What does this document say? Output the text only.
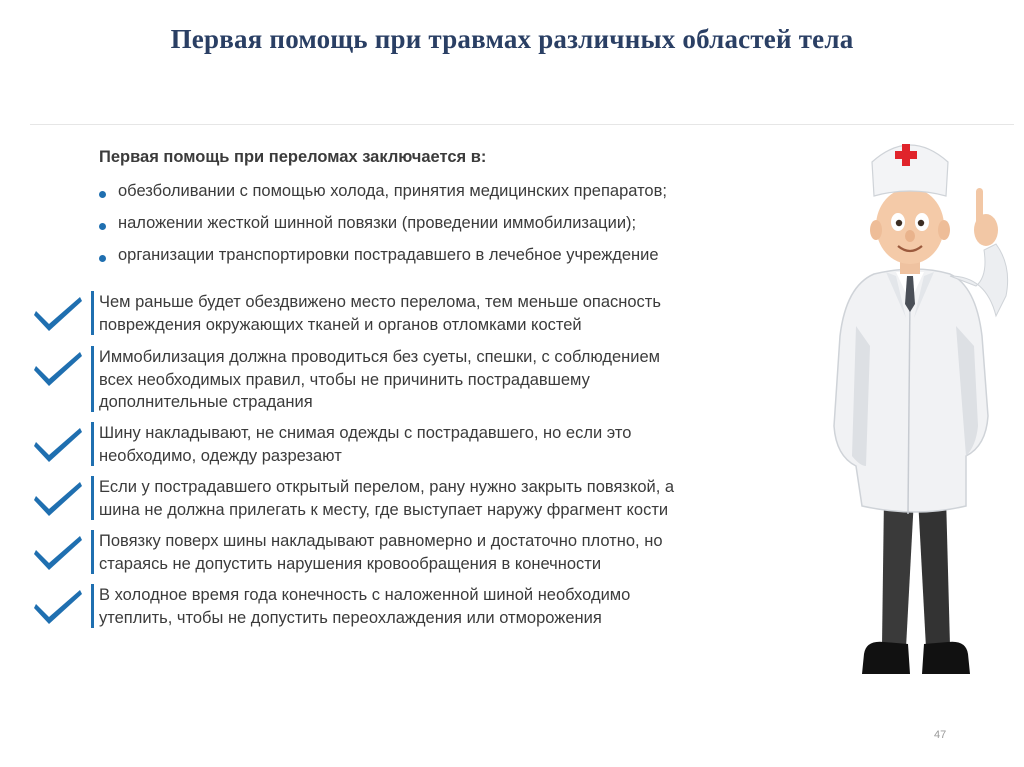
Первая помощь при травмах различных областей тела
Первая помощь при переломах заключается в:
обезболивании с помощью холода, принятия медицинских препаратов;
наложении жесткой шинной повязки (проведении иммобилизации);
организации транспортировки пострадавшего в лечебное учреждение
Чем раньше будет обездвижено место перелома, тем меньше опасность
повреждения окружающих тканей и органов отломками костей
Иммобилизация должна проводиться без суеты, спешки, с соблюдением
всех необходимых правил, чтобы не причинить пострадавшему
дополнительные страдания
Шину накладывают, не снимая одежды с пострадавшего, но если это
необходимо, одежду разрезают
Если у пострадавшего открытый перелом, рану нужно закрыть повязкой, а
шина не должна прилегать к месту, где выступает наружу фрагмент кости
Повязку поверх шины накладывают равномерно и достаточно плотно, но
стараясь не допустить нарушения кровообращения в конечности
В холодное время года конечность с наложенной шиной необходимо
утеплить, чтобы не допустить переохлаждения или отморожения
47
